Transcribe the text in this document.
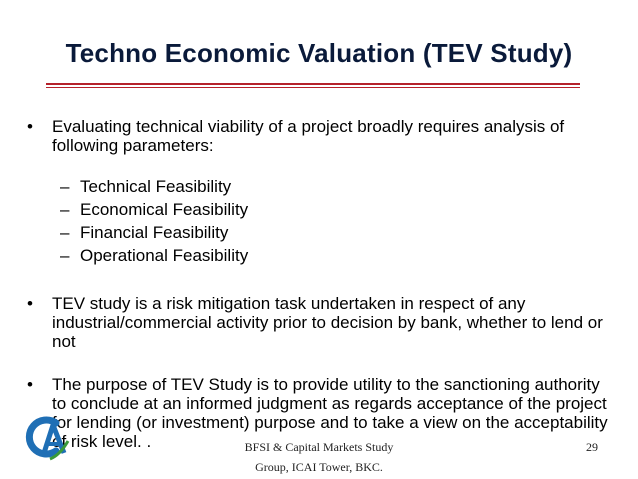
Techno Economic Valuation (TEV Study)
• Evaluating technical viability of a project broadly requires analysis of following parameters:
– Technical Feasibility
– Economical Feasibility
– Financial Feasibility
– Operational Feasibility
• TEV study is a risk mitigation task undertaken in respect of any industrial/commercial activity prior to decision by bank, whether to lend or not
• The purpose of TEV Study is to provide utility to the sanctioning authority to conclude at an informed judgment as regards acceptance of the project for lending (or investment) purpose and to take a view on the acceptability of risk level. .	BFSI & Capital Markets Study
Group, ICAI Tower, BKC.
29
